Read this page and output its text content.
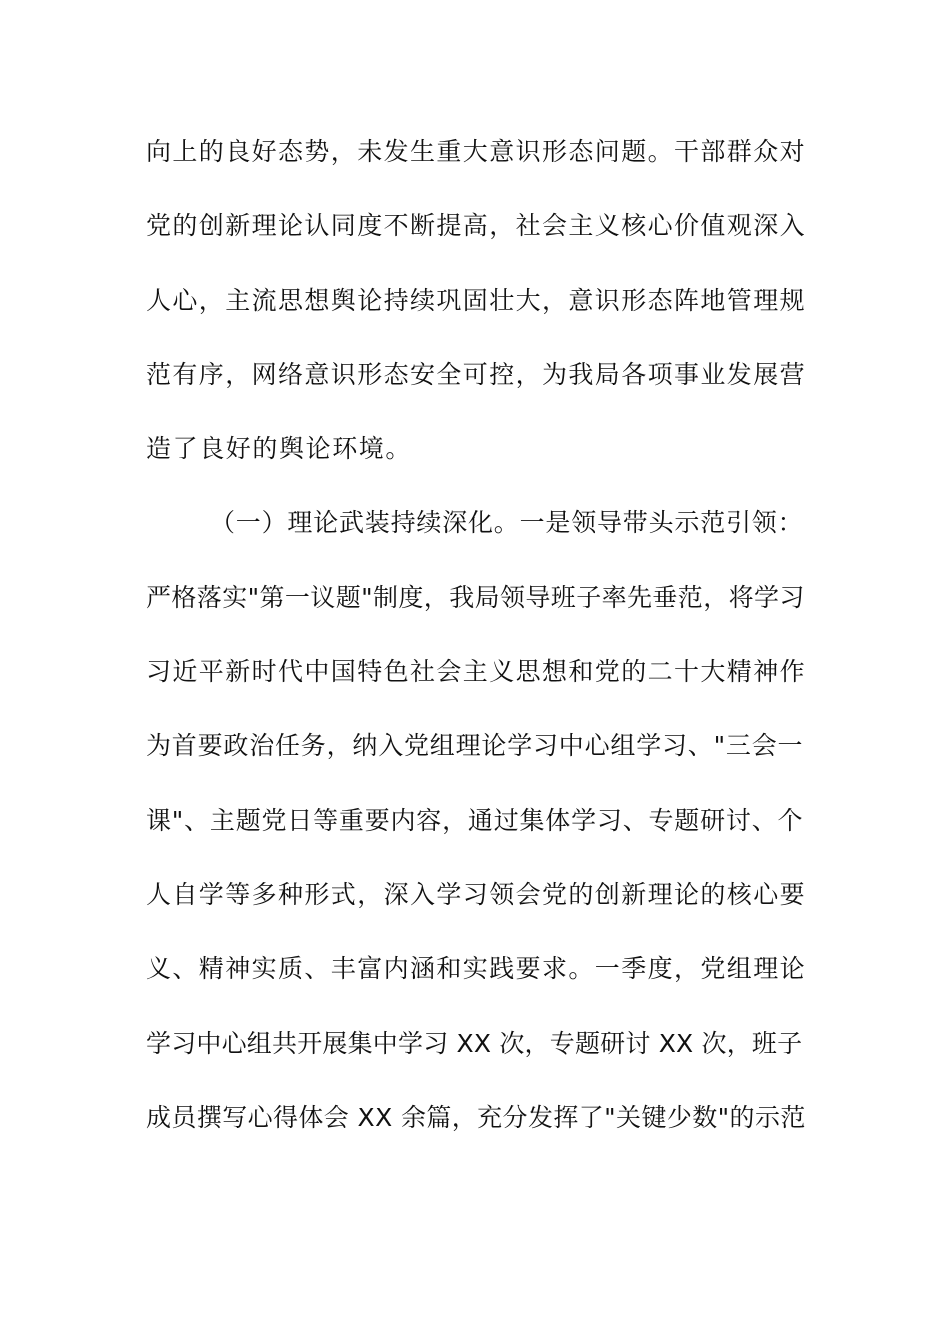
向上的良好态势，未发生重大意识形态问题。干部群众对
党的创新理论认同度不断提高，社会主义核心价值观深入
人心，主流思想舆论持续巩固壮大，意识形态阵地管理规
范有序，网络意识形态安全可控，为我局各项事业发展营
造了良好的舆论环境。
（一）理论武装持续深化。一是领导带头示范引领：
严格落实"第一议题"制度，我局领导班子率先垂范，将学习
习近平新时代中国特色社会主义思想和党的二十大精神作
为首要政治任务，纳入党组理论学习中心组学习、"三会一
课"、主题党日等重要内容，通过集体学习、专题研讨、个
人自学等多种形式，深入学习领会党的创新理论的核心要
义、精神实质、丰富内涵和实践要求。一季度，党组理论
学习中心组共开展集中学习 XX 次，专题研讨 XX 次，班子
成员撰写心得体会 XX 余篇，充分发挥了"关键少数"的示范
